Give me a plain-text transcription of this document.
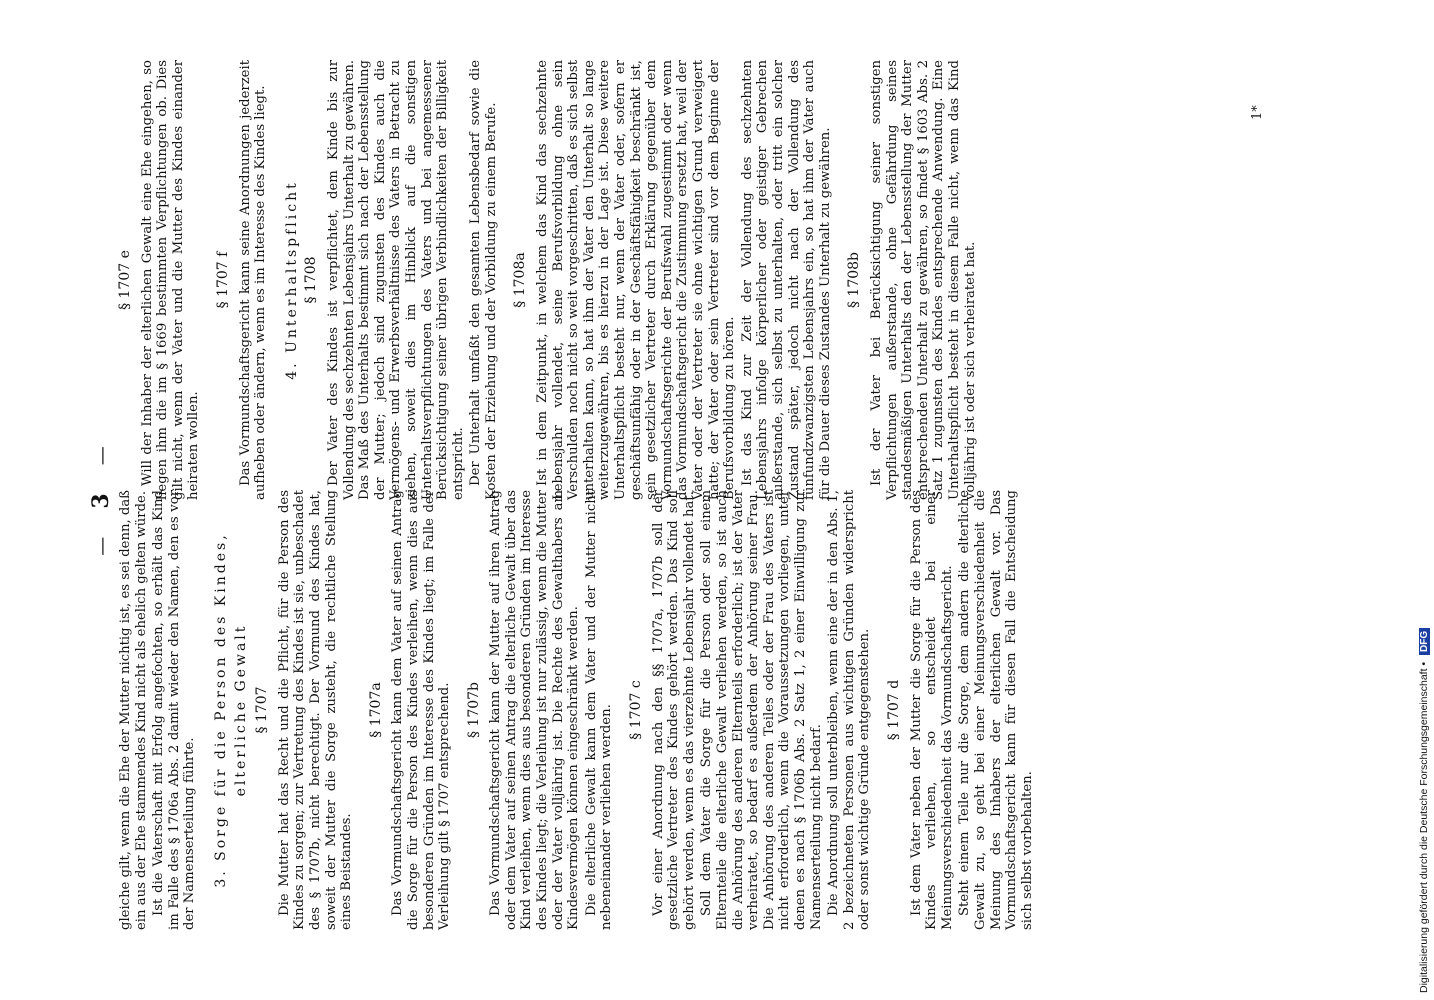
— 3 —

gleiche gilt, wenn die Ehe der Mutter nichtig ist, es sei denn, daß ein aus der Ehe stammendes Kind nicht als ehelich gelten würde. Ist die Vaterschaft mit Erfolg angefochten, so erhält das Kind im Falle des § 1706a Abs. 2 damit wieder den Namen, den es vor der Namenserteilung führte. 3. Sorge für die Person des Kindes, elterliche Gewalt § 1707 Die Mutter hat das Recht und die Pflicht, für die Person des Kindes zu sorgen; zur Vertretung des Kindes ist sie, unbeschadet des § 1707b, nicht berechtigt. Der Vormund des Kindes hat, soweit der Mutter die Sorge zusteht, die rechtliche Stellung eines Beistandes.

§ 1707a Das Vormundschaftsgericht kann dem Vater auf seinen Antrag die Sorge für die Person des Kindes verleihen, wenn dies aus besonderen Gründen im Interesse des Kindes liegt; im Falle der Verleihung gilt § 1707 entsprechend. § 1707b Das Vormundschaftsgericht kann der Mutter auf ihren Antrag oder dem Vater auf seinen Antrag die elterliche Gewalt über das Kind verleihen, wenn dies aus besonderen Gründen im Interesse des Kindes liegt; die Verleihung ist nur zulässig, wenn die Mutter oder der Vater volljährig ist. Die Rechte des Gewalthabers am Kindesvermögen können eingeschränkt werden. Die elterliche Gewalt kann dem Vater und der Mutter nicht nebeneinander verliehen werden. § 1707 c Vor einer Anordnung nach den §§ 1707a, 1707b soll der gesetzliche Vertreter des Kindes gehört werden. Das Kind soll gehört werden, wenn es das vierzehnte Lebensjahr vollendet hat. Soll dem Vater die Sorge für die Person oder soll einem Elternteile die elterliche Gewalt verliehen werden, so ist auch die Anhörung des anderen Elternteils erforderlich; ist der Vater verheiratet, so bedarf es außerdem der Anhörung seiner Frau. Die Anhörung des anderen Teiles oder der Frau des Vaters ist nicht erforderlich, wenn die Voraussetzungen vorliegen, unter denen es nach § 1706b Abs. 2 Satz 1, 2 einer Einwilligung zur Namenserteilung nicht bedarf. Die Anordnung soll unterbleiben, wenn eine der in den Abs. 1, 2 bezeichneten Personen aus wichtigen Gründen widerspricht oder sonst wichtige Gründe entgegenstehen. § 1707 d Ist dem Vater neben der Mutter die Sorge für die Person des Kindes verliehen, so entscheidet bei einer Meinungsverschiedenheit das Vormundschaftsgericht. Steht einem Teile nur die Sorge, dem andern die elterliche Gewalt zu, so geht bei einer Meinungsverschiedenheit die Meinung des Inhabers der elterlichen Gewalt vor. Das Vormundschaftsgericht kann für diesen Fall die Entscheidung sich selbst vorbehalten.

§ 1707 e Will der Inhaber der elterlichen Gewalt eine Ehe eingehen, so liegen ihm die im § 1669 bestimmten Verpflichtungen ob. Dies gilt nicht, wenn der Vater und die Mutter des Kindes einander heiraten wollen.

§ 1707 f Das Vormundschaftsgericht kann seine Anordnungen jederzeit aufheben oder ändern, wenn es im Interesse des Kindes liegt. 4. Unterhaltspflicht § 1708 Der Vater des Kindes ist verpflichtet, dem Kinde bis zur Vollendung des sechzehnten Lebensjahrs Unterhalt zu gewähren. Das Maß des Unterhalts bestimmt sich nach der Lebensstellung der Mutter; jedoch sind zugunsten des Kindes auch die Vermögens- und Erwerbsverhältnisse des Vaters in Betracht zu ziehen, soweit dies im Hinblick auf die sonstigen Unterhaltsverpflichtungen des Vaters und bei angemessener Berücksichtigung seiner übrigen Verbindlichkeiten der Billigkeit entspricht. Der Unterhalt umfaßt den gesamten Lebensbedarf sowie die Kosten der Erziehung und der Vorbildung zu einem Berufe. § 1708a Ist in dem Zeitpunkt, in welchem das Kind das sechzehnte Lebensjahr vollendet, seine Berufsvorbildung ohne sein Verschulden noch nicht so weit vorgeschritten, daß es sich selbst unterhalten kann, so hat ihm der Vater den Unterhalt so lange weiterzugewähren, bis es hierzu in der Lage ist. Diese weitere Unterhaltspflicht besteht nur, wenn der Vater oder, sofern er geschäftsunfähig oder in der Geschäftsfähigkeit beschränkt ist, sein gesetzlicher Vertreter durch Erklärung gegenüber dem Vormundschaftsgerichte der Berufswahl zugestimmt oder wenn das Vormundschaftsgericht die Zustimmung ersetzt hat, weil der Vater oder der Vertreter sie ohne wichtigen Grund verweigert hatte; der Vater oder sein Vertreter sind vor dem Beginne der Berufsvorbildung zu hören. Ist das Kind zur Zeit der Vollendung des sechzehnten Lebensjahrs infolge körperlicher oder geistiger Gebrechen außerstande, sich selbst zu unterhalten, oder tritt ein solcher Zustand später, jedoch nicht nach der Vollendung des fünfundzwanzigsten Lebensjahrs ein, so hat ihm der Vater auch für die Dauer dieses Zustandes Unterhalt zu gewähren. § 1708b Ist der Vater bei Berücksichtigung seiner sonstigen Verpflichtungen außerstande, ohne Gefährdung seines standesmäßigen Unterhalts den der Lebensstellung der Mutter entsprechenden Unterhalt zu gewähren, so findet § 1603 Abs. 2 Satz 1 zugunsten des Kindes entsprechende Anwendung. Eine Unterhaltspflicht besteht in diesem Falle nicht, wenn das Kind volljährig ist oder sich verheiratet hat.

1*
Digitalisierung gefördert durch die Deutsche Forschungsgemeinschaft • DFG
